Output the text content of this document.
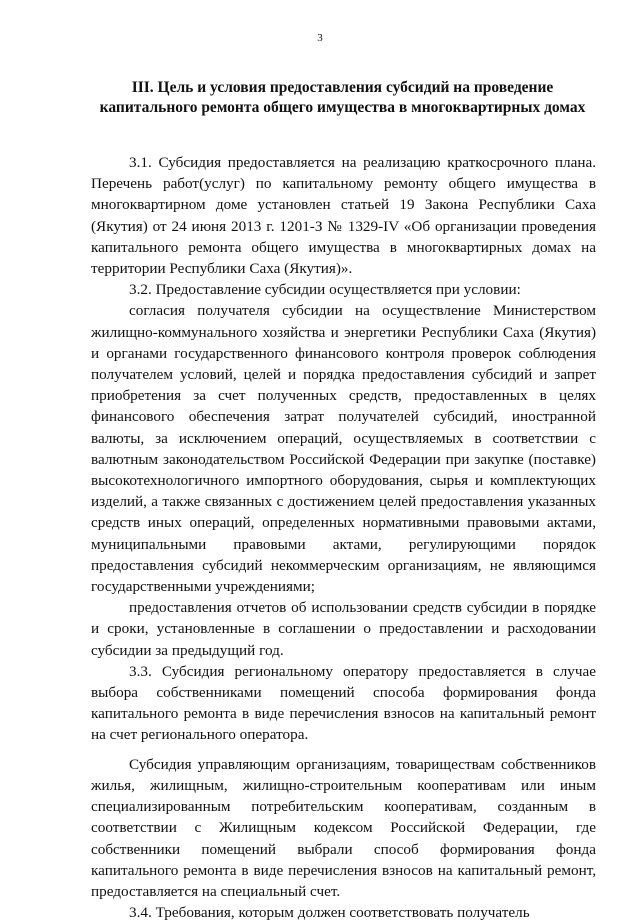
3
III. Цель и условия предоставления субсидий на проведение
капитального ремонта общего имущества в многоквартирных домах

3.1. Субсидия предоставляется на реализацию краткосрочного плана. Перечень работ(услуг) по капитальному ремонту общего имущества в многоквартирном доме установлен статьей 19 Закона Республики Саха (Якутия) от 24 июня 2013 г. 1201-З № 1329-IV «Об организации проведения капитального ремонта общего имущества в многоквартирных домах на территории Республики Саха (Якутия)».

3.2. Предоставление субсидии осуществляется при условии:

согласия получателя субсидии на осуществление Министерством жилищно-коммунального хозяйства и энергетики Республики Саха (Якутия) и органами государственного финансового контроля проверок соблюдения получателем условий, целей и порядка предоставления субсидий и запрет приобретения за счет полученных средств, предоставленных в целях финансового обеспечения затрат получателей субсидий, иностранной валюты, за исключением операций, осуществляемых в соответствии с валютным законодательством Российской Федерации при закупке (поставке) высокотехнологичного импортного оборудования, сырья и комплектующих изделий, а также связанных с достижением целей предоставления указанных средств иных операций, определенных нормативными правовыми актами, муниципальными правовыми актами, регулирующими порядок предоставления субсидий некоммерческим организациям, не являющимся государственными учреждениями;

предоставления отчетов об использовании средств субсидии в порядке и сроки, установленные в соглашении о предоставлении и расходовании субсидии за предыдущий год.

3.3. Субсидия региональному оператору предоставляется в случае выбора собственниками помещений способа формирования фонда капитального ремонта в виде перечисления взносов на капитальный ремонт на счет регионального оператора.

Субсидия управляющим организациям, товариществам собственников жилья, жилищным, жилищно-строительным кооперативам или иным специализированным потребительским кооперативам, созданным в соответствии с Жилищным кодексом Российской Федерации, где собственники помещений выбрали способ формирования фонда капитального ремонта в виде перечисления взносов на капитальный ремонт, предоставляется на специальный счет.

3.4. Требования, которым должен соответствовать получатель
